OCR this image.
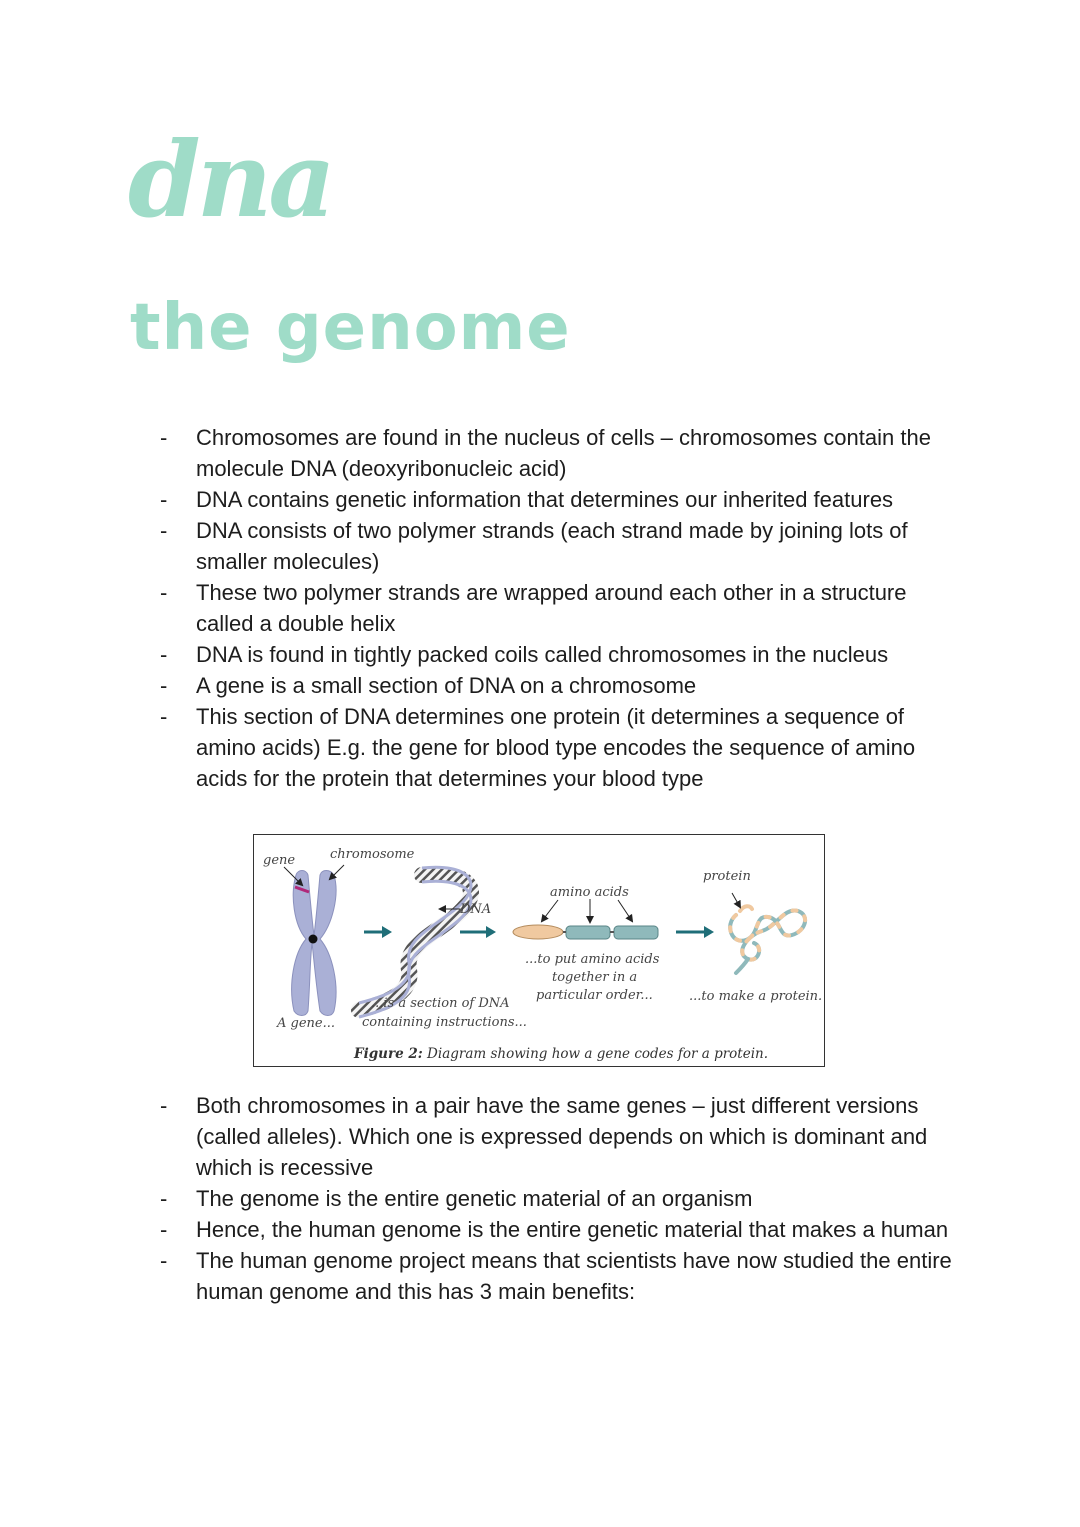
dna
the genome
- Chromosomes are found in the nucleus of cells – chromosomes contain the molecule DNA (deoxyribonucleic acid)
- DNA contains genetic information that determines our inherited features
- DNA consists of two polymer strands (each strand made by joining lots of smaller molecules)
- These two polymer strands are wrapped around each other in a structure called a double helix
- DNA is found in tightly packed coils called chromosomes in the nucleus
- A gene is a small section of DNA on a chromosome
- This section of DNA determines one protein (it determines a sequence of amino acids) E.g. the gene for blood type encodes the sequence of amino acids for the protein that determines your blood type
gene	chromosome
DNA
amino acids
protein
A gene...
...is a section of DNA
containing instructions...
...to put amino acids
together in a
particular order...	...to make a protein.
Figure 2: Diagram showing how a gene codes for a protein.
- Both chromosomes in a pair have the same genes – just different versions (called alleles). Which one is expressed depends on which is dominant and which is recessive
- The genome is the entire genetic material of an organism
- Hence, the human genome is the entire genetic material that makes a human
- The human genome project means that scientists have now studied the entire human genome and this has 3 main benefits:
